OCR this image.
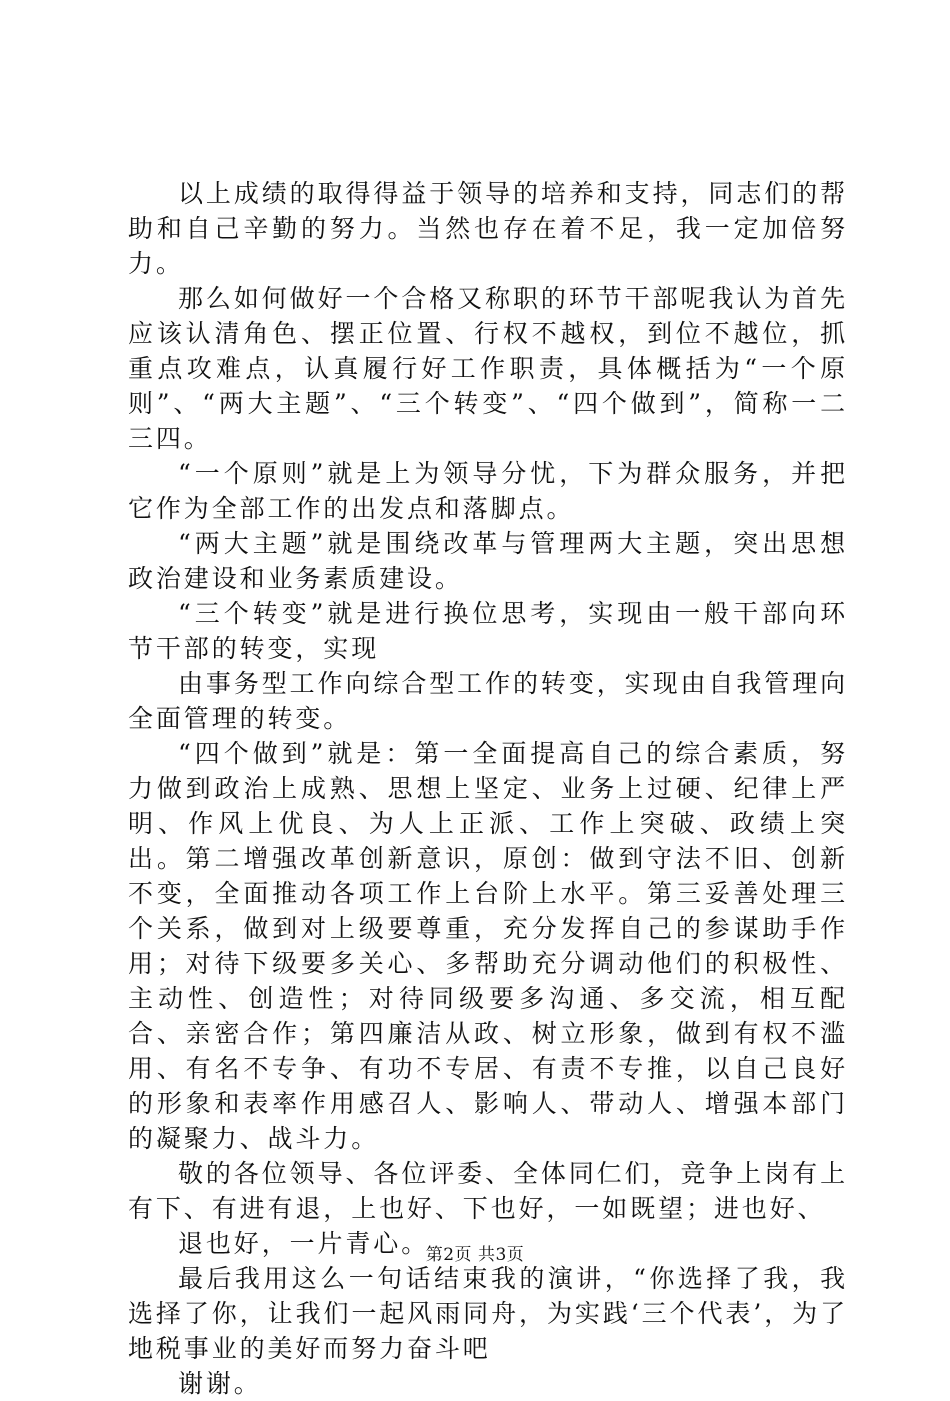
以上成绩的取得得益于领导的培养和支持，同志们的帮助和自己辛勤的努力。当然也存在着不足，我一定加倍努力。

那么如何做好一个合格又称职的环节干部呢我认为首先应该认清角色、摆正位置、行权不越权，到位不越位，抓重点攻难点，认真履行好工作职责，具体概括为“一个原则”、“两大主题”、“三个转变”、“四个做到”，简称一二三四。

“一个原则”就是上为领导分忧，下为群众服务，并把它作为全部工作的出发点和落脚点。

“两大主题”就是围绕改革与管理两大主题，突出思想政治建设和业务素质建设。

“三个转变”就是进行换位思考，实现由一般干部向环节干部的转变，实现

由事务型工作向综合型工作的转变，实现由自我管理向全面管理的转变。

“四个做到”就是：第一全面提高自己的综合素质，努力做到政治上成熟、思想上坚定、业务上过硬、纪律上严明、作风上优良、为人上正派、工作上突破、政绩上突出。第二增强改革创新意识，原创：做到守法不旧、创新不变，全面推动各项工作上台阶上水平。第三妥善处理三个关系，做到对上级要尊重，充分发挥自己的参谋助手作用；对待下级要多关心、多帮助充分调动他们的积极性、主动性、创造性；对待同级要多沟通、多交流，相互配合、亲密合作；第四廉洁从政、树立形象，做到有权不滥用、有名不专争、有功不专居、有责不专推，以自己良好的形象和表率作用感召人、影响人、带动人、增强本部门的凝聚力、战斗力。

敬的各位领导、各位评委、全体同仁们，竞争上岗有上有下、有进有退，上也好、下也好，一如既望；进也好、

退也好，一片青心。

最后我用这么一句话结束我的演讲，“你选择了我，我选择了你，让我们一起风雨同舟，为实践‘三个代表’，为了地税事业的美好而努力奋斗吧

谢谢。

第2页 共3页
